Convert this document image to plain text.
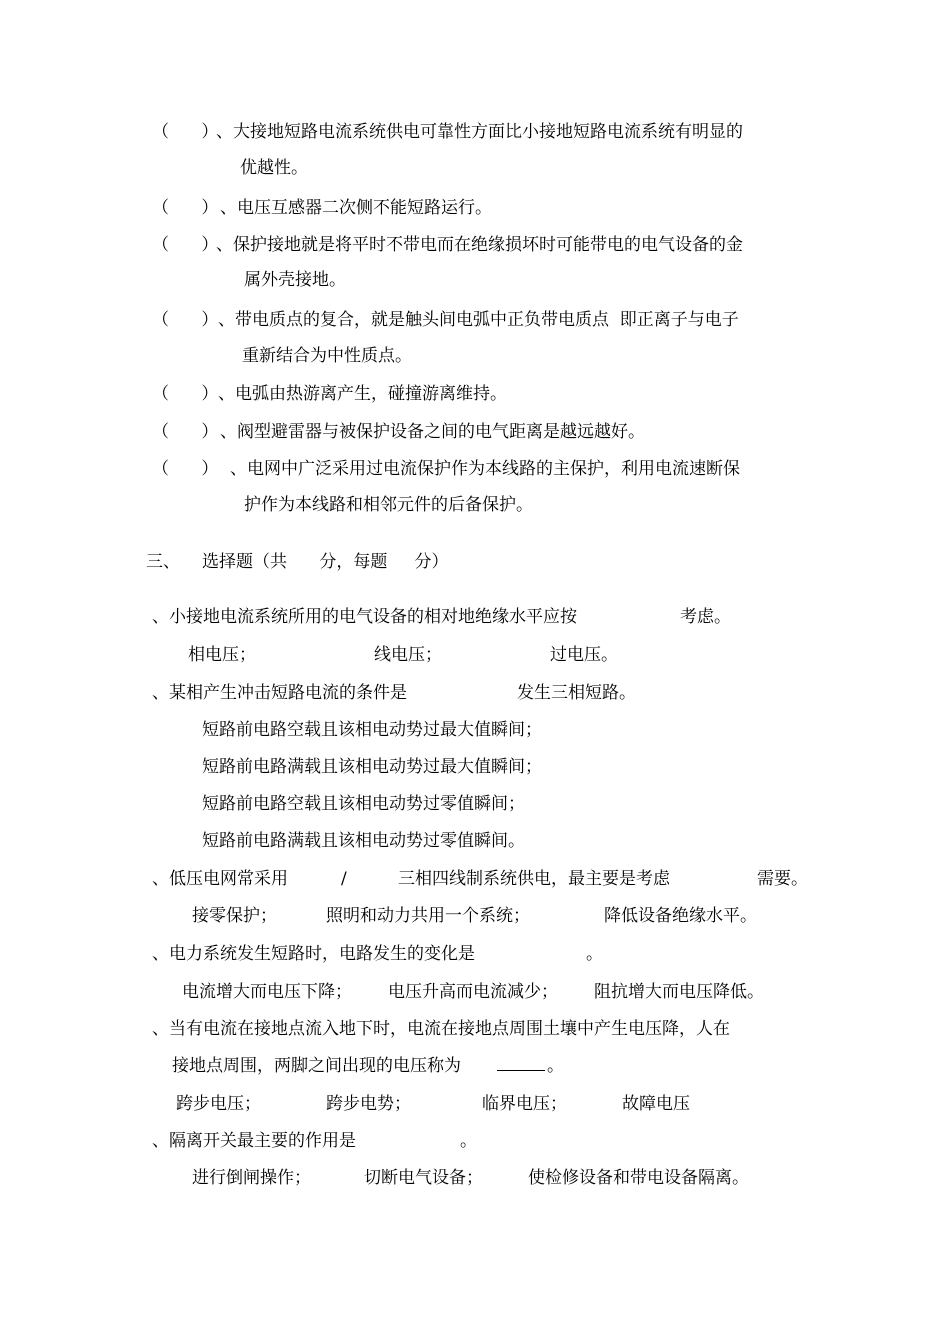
（      ）
、大接地短路电流系统供电可靠性方面比小接地短路电流系统有明显的
优越性。
（      ） 、电压互感器二次侧不能短路运行。
（      ）
、保护接地就是将平时不带电而在绝缘损坏时可能带电的电气设备的金
属外壳接地。
（      ） 、带电质点的复合，就是触头间电弧中正负带电质点  即正离子与电子
重新结合为中性质点。
（      ） 、电弧由热游离产生，碰撞游离维持。
（      ） 、阀型避雷器与被保护设备之间的电气距离是越远越好。
（      ） 、电网中广泛采用过电流保护作为本线路的主保护，利用电流速断保
护作为本线路和相邻元件的后备保护。
三、 选择题（共      分，每题     分）
、小接地电流系统所用的电气设备的相对地绝缘水平应按	考虑。
相电压；	线电压；	过电压。
、某相产生冲击短路电流的条件是	发生三相短路。
短路前电路空载且该相电动势过最大值瞬间；
短路前电路满载且该相电动势过最大值瞬间；
短路前电路空载且该相电动势过零值瞬间；
短路前电路满载且该相电动势过零值瞬间。
、低压电网常采用	/	三相四线制系统供电，最主要是考虑	需要。
接零保护；	照明和动力共用一个系统；	降低设备绝缘水平。
、电力系统发生短路时，电路发生的变化是	。
电流增大而电压下降； 电压升高而电流减少； 阻抗增大而电压降低。
、当有电流在接地点流入地下时，电流在接地点周围土壤中产生电压降，人在
接地点周围，两脚之间出现的电压称为	。
跨步电压；	跨步电势；	临界电压；	故障电压
、隔离开关最主要的作用是	。
进行倒闸操作；	切断电气设备；	使检修设备和带电设备隔离。
